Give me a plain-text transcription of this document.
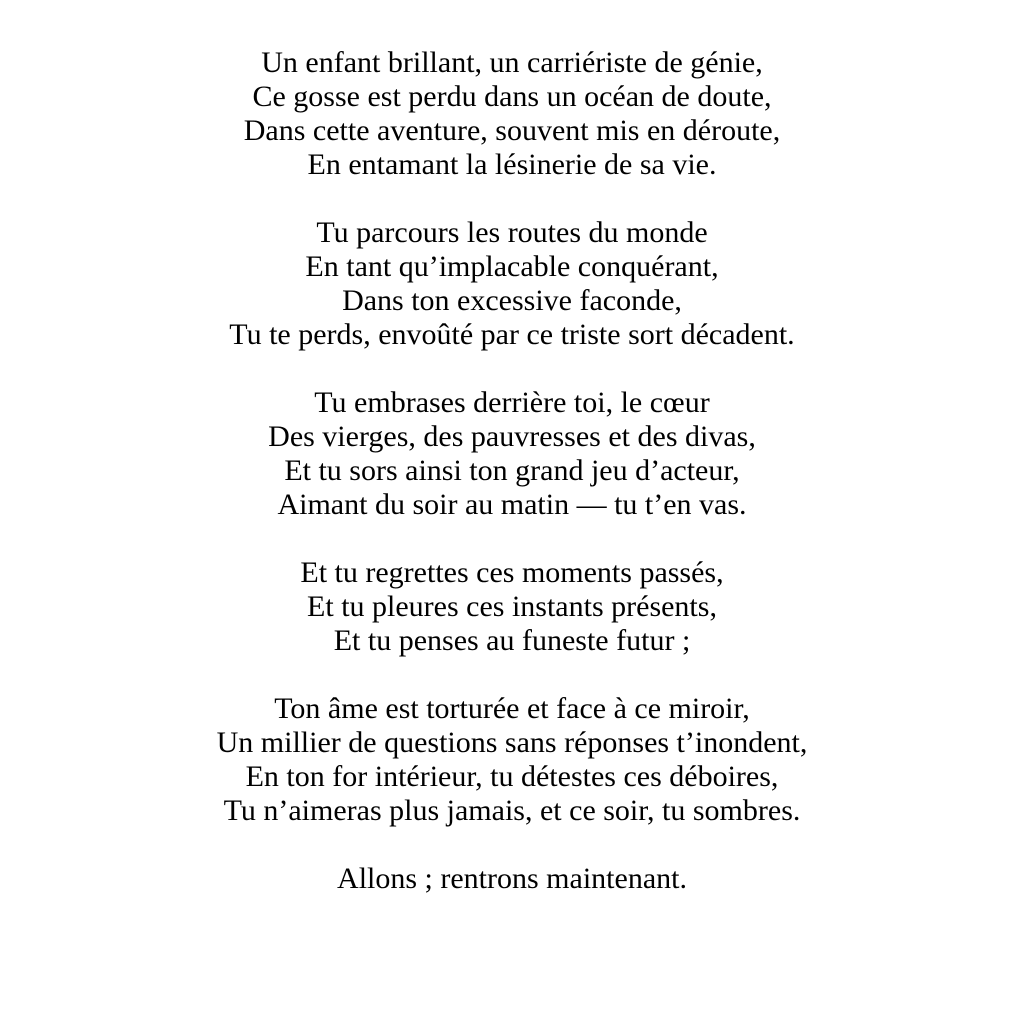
Un enfant brillant, un carriériste de génie,
Ce gosse est perdu dans un océan de doute,
Dans cette aventure, souvent mis en déroute,
En entamant la lésinerie de sa vie.
Tu parcours les routes du monde
En tant qu’implacable conquérant,
Dans ton excessive faconde,
Tu te perds, envoûté par ce triste sort décadent.
Tu embrases derrière toi, le cœur
Des vierges, des pauvresses et des divas,
Et tu sors ainsi ton grand jeu d’acteur,
Aimant du soir au matin — tu t’en vas.
Et tu regrettes ces moments passés,
Et tu pleures ces instants présents,
Et tu penses au funeste futur ;
Ton âme est torturée et face à ce miroir,
Un millier de questions sans réponses t’inondent,
En ton for intérieur, tu détestes ces déboires,
Tu n’aimeras plus jamais, et ce soir, tu sombres.
Allons ; rentrons maintenant.
